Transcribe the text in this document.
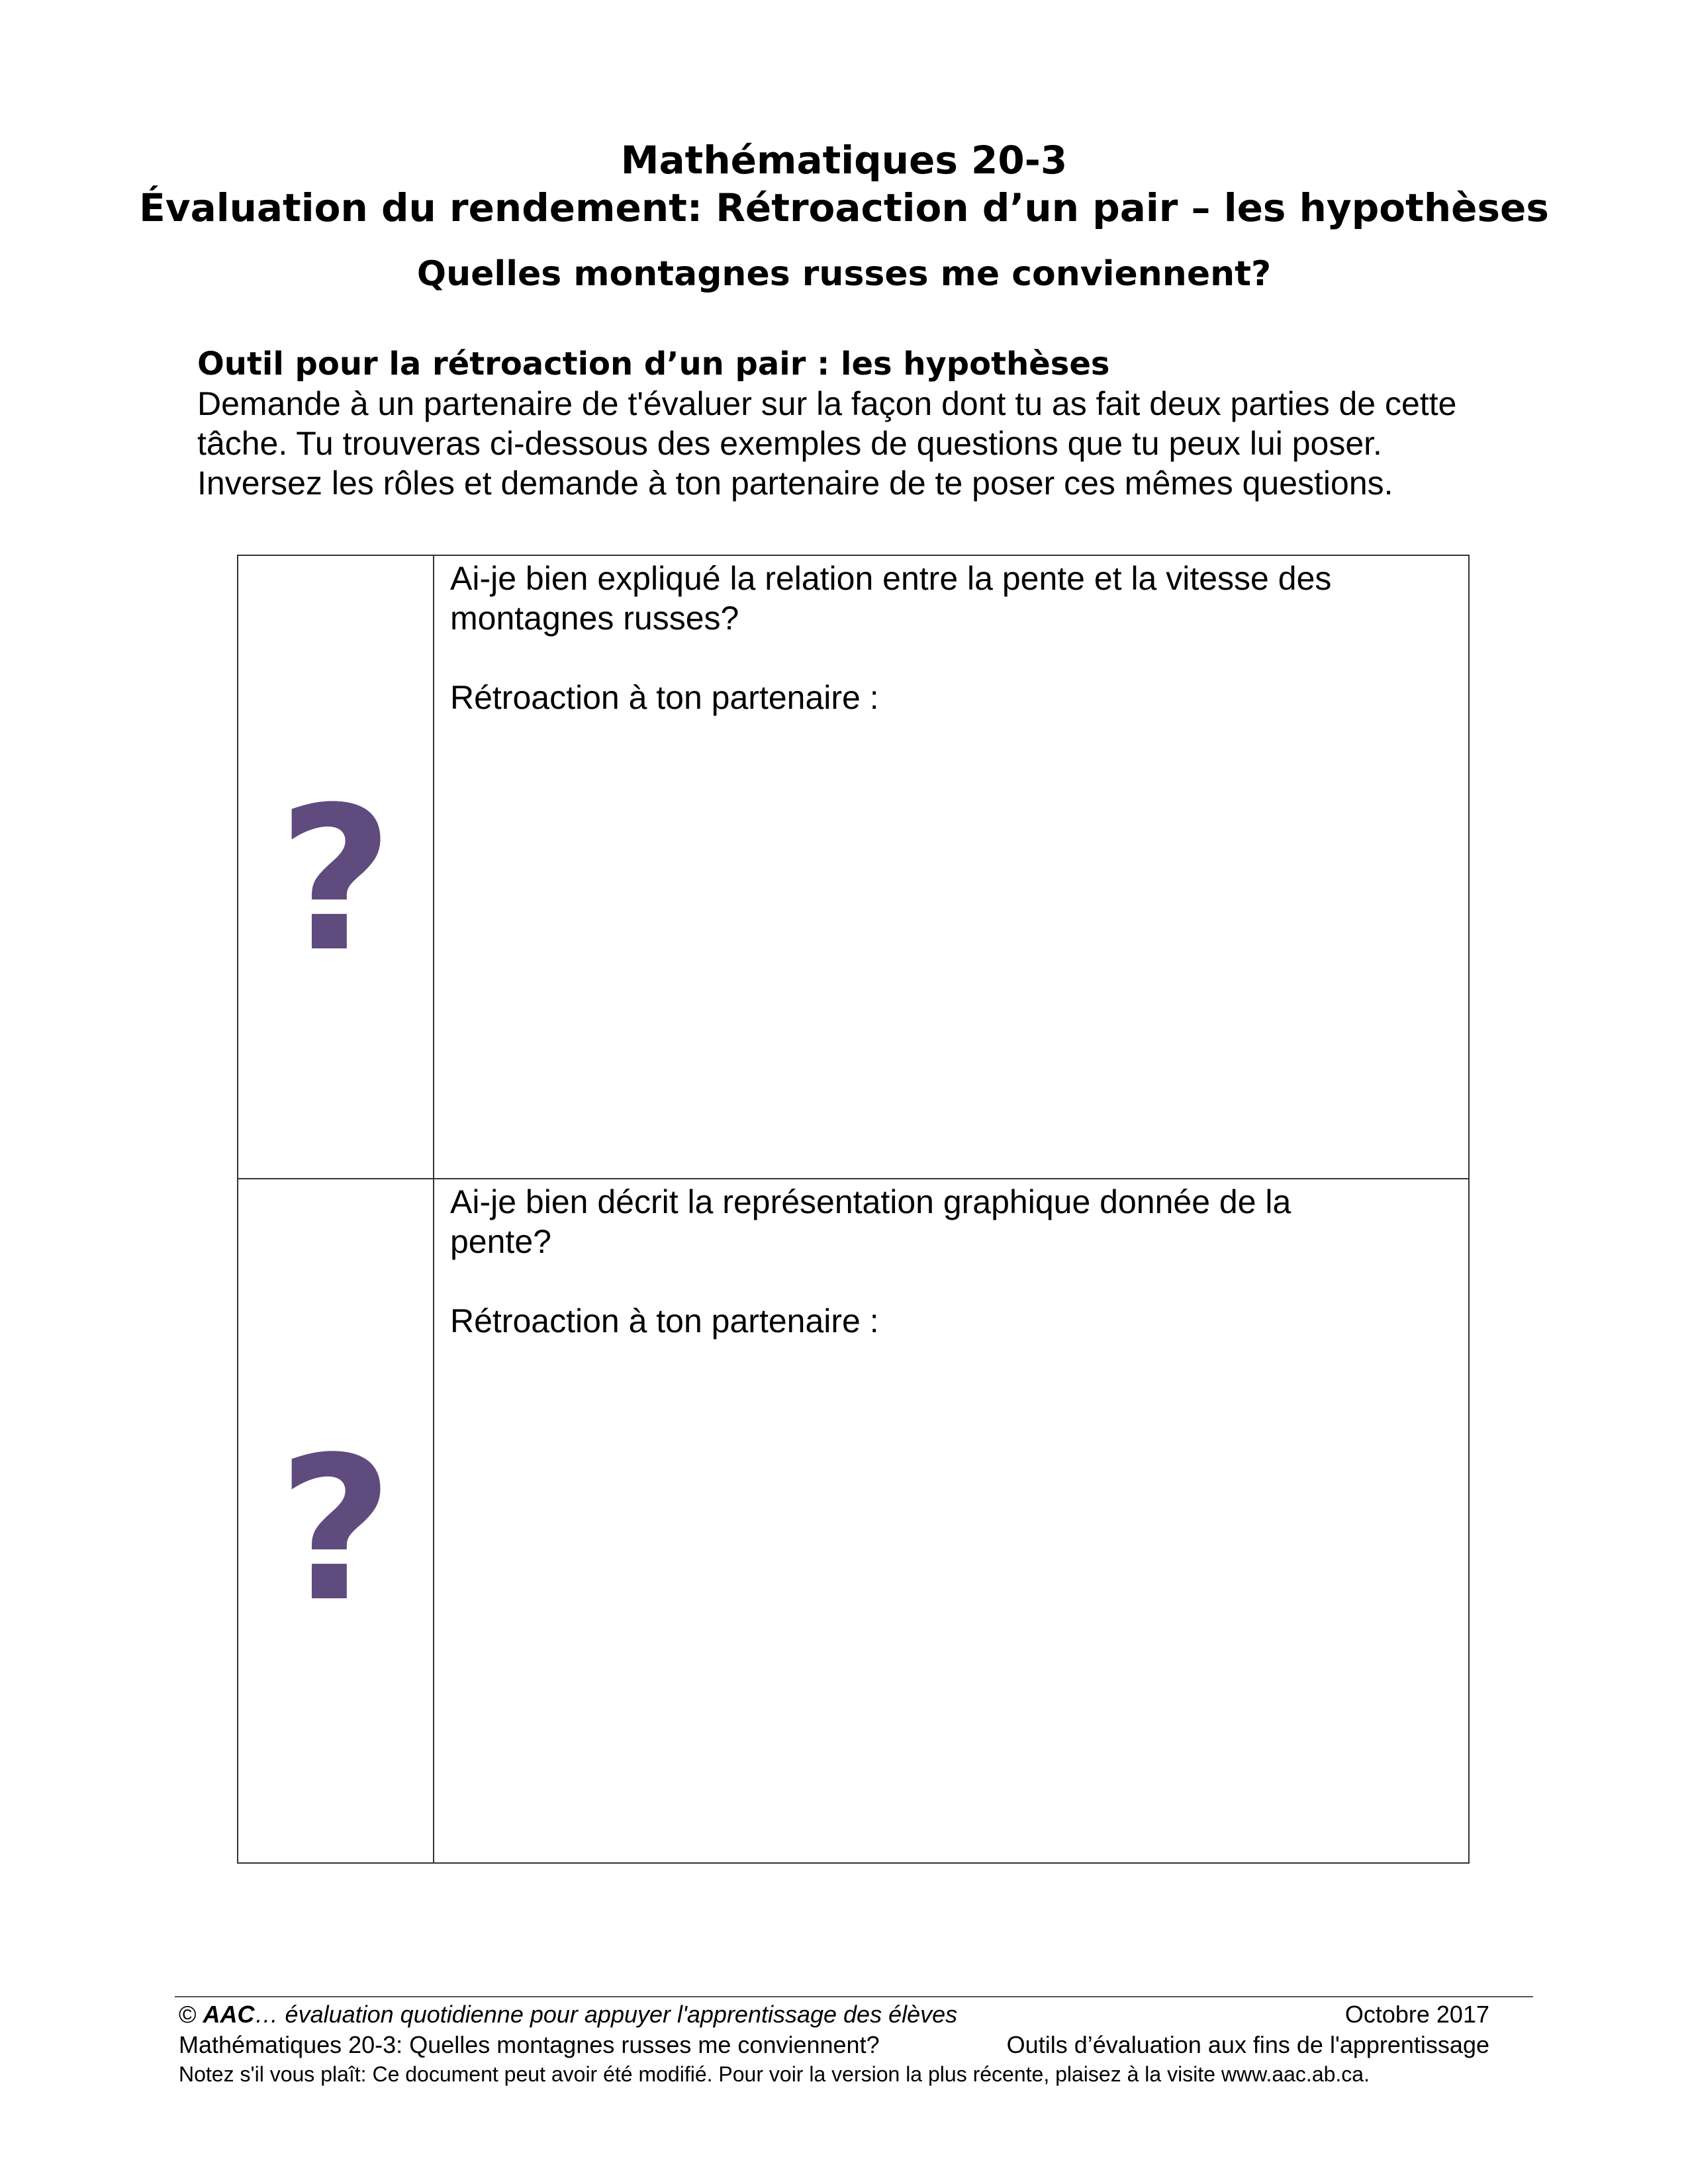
Mathématiques 20-3
Évaluation du rendement: Rétroaction d’un pair – les hypothèses
Quelles montagnes russes me conviennent?

Outil pour la rétroaction d’un pair : les hypothèses

Demande à un partenaire de t'évaluer sur la façon dont tu as fait deux parties de cette tâche. Tu trouveras ci-dessous des exemples de questions que tu peux lui poser. Inversez les rôles et demande à ton partenaire de te poser ces mêmes questions.

?

Ai-je bien expliqué la relation entre la pente et la vitesse des montagnes russes?

Rétroaction à ton partenaire :

?

Ai-je bien décrit la représentation graphique donnée de la pente?

Rétroaction à ton partenaire :

© AAC… évaluation quotidienne pour appuyer l'apprentissage des élèves	Octobre 2017
Mathématiques 20-3: Quelles montagnes russes me conviennent?	Outils d’évaluation aux fins de l'apprentissage
Notez s'il vous plaît: Ce document peut avoir été modifié. Pour voir la version la plus récente, plaisez à la visite www.aac.ab.ca.
